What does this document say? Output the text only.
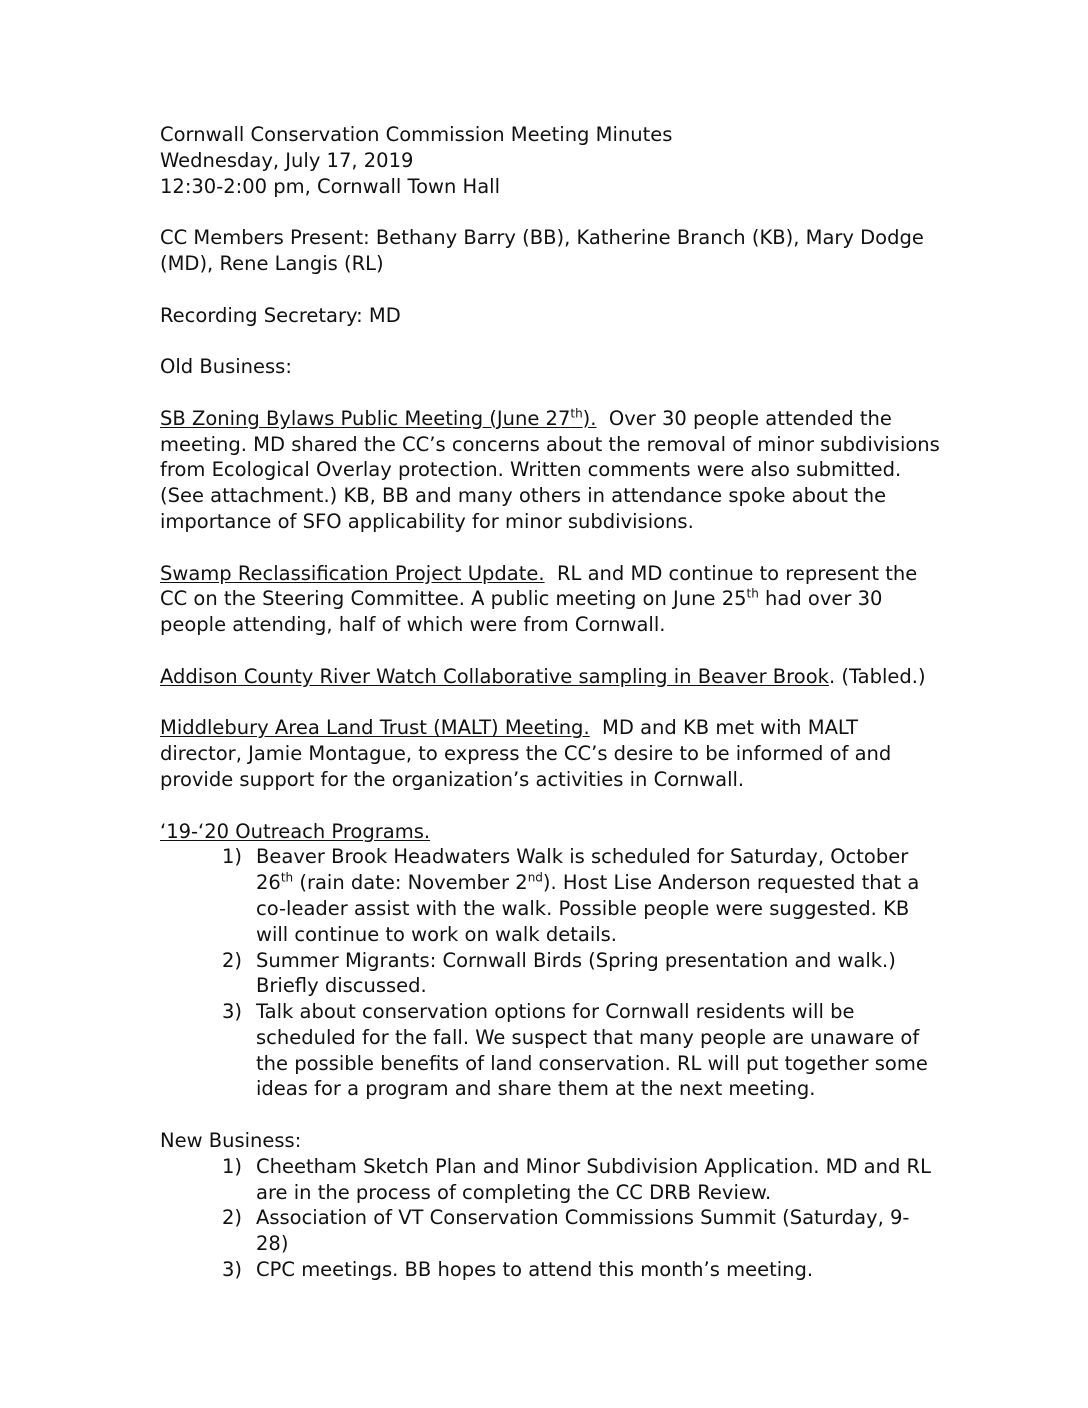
Cornwall Conservation Commission Meeting Minutes

Wednesday, July 17, 2019

12:30-2:00 pm, Cornwall Town Hall

CC Members Present: Bethany Barry (BB), Katherine Branch (KB), Mary Dodge (MD), Rene Langis (RL)

Recording Secretary: MD

Old Business:

SB Zoning Bylaws Public Meeting (June 27th). Over 30 people attended the meeting. MD shared the CC’s concerns about the removal of minor subdivisions from Ecological Overlay protection. Written comments were also submitted. (See attachment.) KB, BB and many others in attendance spoke about the importance of SFO applicability for minor subdivisions.

Swamp Reclassification Project Update. RL and MD continue to represent the CC on the Steering Committee. A public meeting on June 25th had over 30 people attending, half of which were from Cornwall.

Addison County River Watch Collaborative sampling in Beaver Brook. (Tabled.)

Middlebury Area Land Trust (MALT) Meeting. MD and KB met with MALT director, Jamie Montague, to express the CC’s desire to be informed of and provide support for the organization’s activities in Cornwall.

‘19-‘20 Outreach Programs.

1) Beaver Brook Headwaters Walk is scheduled for Saturday, October 26th (rain date: November 2nd). Host Lise Anderson requested that a co-leader assist with the walk. Possible people were suggested. KB will continue to work on walk details.
2) Summer Migrants: Cornwall Birds (Spring presentation and walk.) Briefly discussed.
3) Talk about conservation options for Cornwall residents will be scheduled for the fall. We suspect that many people are unaware of the possible benefits of land conservation. RL will put together some ideas for a program and share them at the next meeting.

New Business:

1) Cheetham Sketch Plan and Minor Subdivision Application. MD and RL are in the process of completing the CC DRB Review.
2) Association of VT Conservation Commissions Summit (Saturday, 9-28)
3) CPC meetings. BB hopes to attend this month’s meeting.
